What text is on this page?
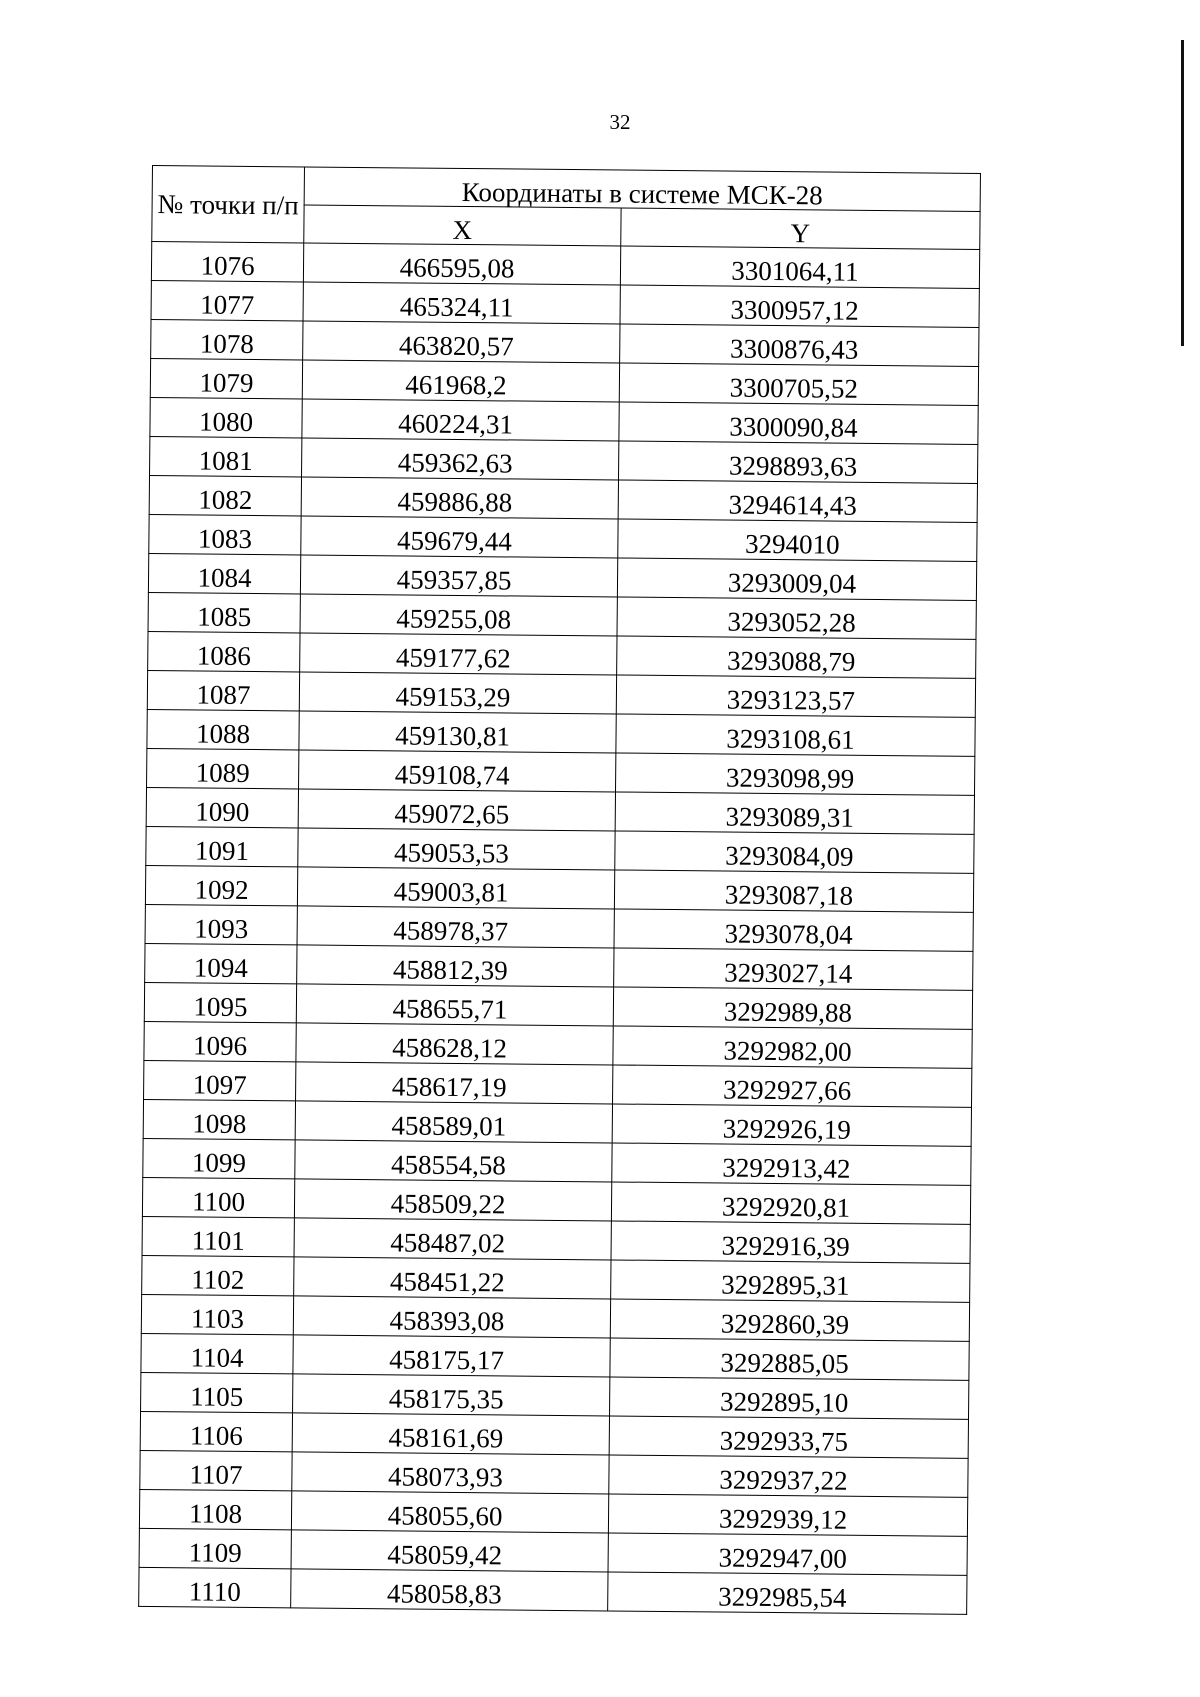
32
№ точки п/п	Координаты в системе МСК-28	
	X	Y
1076	466595,08	3301064,11
1077	465324,11	3300957,12
1078	463820,57	3300876,43
1079	461968,2	3300705,52
1080	460224,31	3300090,84
1081	459362,63	3298893,63
1082	459886,88	3294614,43
1083	459679,44	3294010
1084	459357,85	3293009,04
1085	459255,08	3293052,28
1086	459177,62	3293088,79
1087	459153,29	3293123,57
1088	459130,81	3293108,61
1089	459108,74	3293098,99
1090	459072,65	3293089,31
1091	459053,53	3293084,09
1092	459003,81	3293087,18
1093	458978,37	3293078,04
1094	458812,39	3293027,14
1095	458655,71	3292989,88
1096	458628,12	3292982,00
1097	458617,19	3292927,66
1098	458589,01	3292926,19
1099	458554,58	3292913,42
1100	458509,22	3292920,81
1101	458487,02	3292916,39
1102	458451,22	3292895,31
1103	458393,08	3292860,39
1104	458175,17	3292885,05
1105	458175,35	3292895,10
1106	458161,69	3292933,75
1107	458073,93	3292937,22
1108	458055,60	3292939,12
1109	458059,42	3292947,00
1110	458058,83	3292985,54
